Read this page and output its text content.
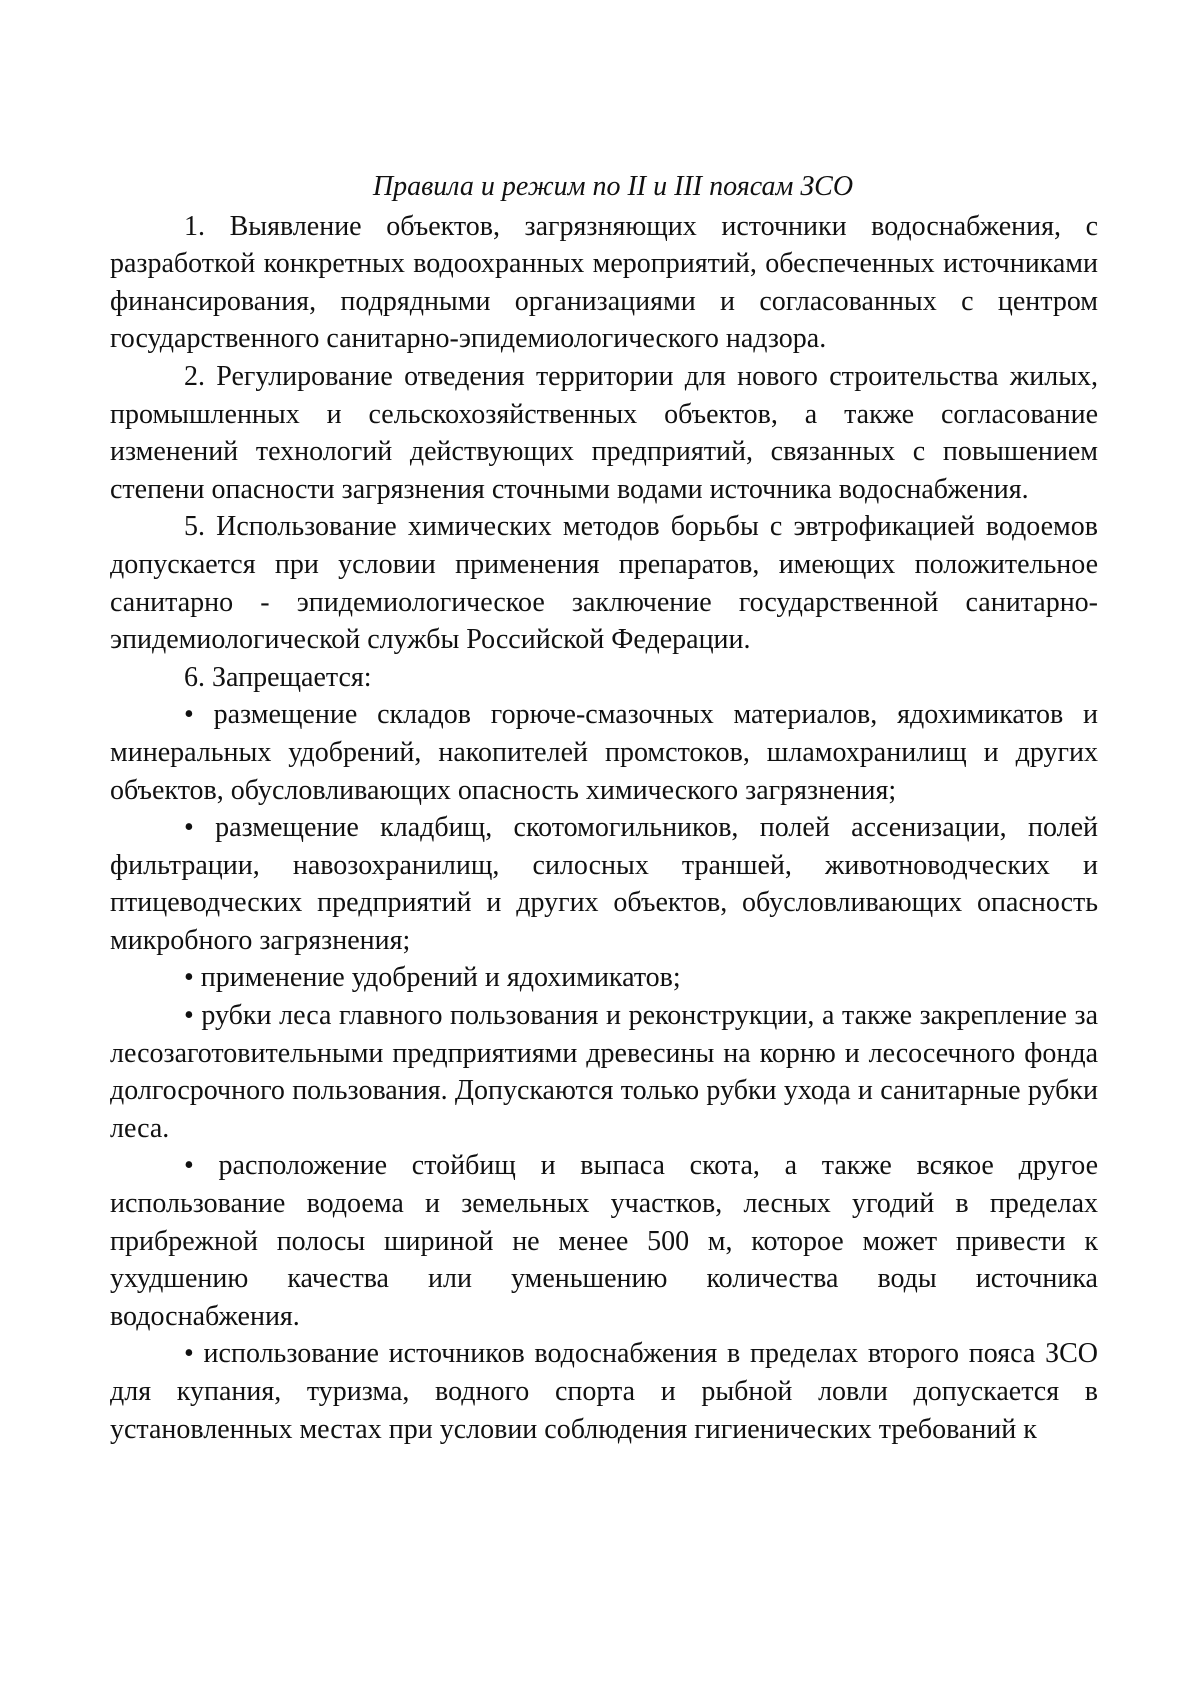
Правила и режим по II и III поясам ЗСО

1. Выявление объектов, загрязняющих источники водоснабжения, с разработкой конкретных водоохранных мероприятий, обеспеченных источниками финансирования, подрядными организациями и согласованных с центром государственного санитарно-эпидемиологического надзора.

2. Регулирование отведения территории для нового строительства жилых, промышленных и сельскохозяйственных объектов, а также согласование изменений технологий действующих предприятий, связанных с повышением степени опасности загрязнения сточными водами источника водоснабжения.

5. Использование химических методов борьбы с эвтрофикацией водоемов допускается при условии применения препаратов, имеющих положительное санитарно - эпидемиологическое заключение государственной санитарно-эпидемиологической службы Российской Федерации.

6. Запрещается:

• размещение складов горюче-смазочных материалов, ядохимикатов и минеральных удобрений, накопителей промстоков, шламохранилищ и других объектов, обусловливающих опасность химического загрязнения;

• размещение кладбищ, скотомогильников, полей ассенизации, полей фильтрации, навозохранилищ, силосных траншей, животноводческих и птицеводческих предприятий и других объектов, обусловливающих опасность микробного загрязнения;

• применение удобрений и ядохимикатов;

• рубки леса главного пользования и реконструкции, а также закрепление за лесозаготовительными предприятиями древесины на корню и лесосечного фонда долгосрочного пользования. Допускаются только рубки ухода и санитарные рубки леса.

• расположение стойбищ и выпаса скота, а также всякое другое использование водоема и земельных участков, лесных угодий в пределах прибрежной полосы шириной не менее 500 м, которое может привести к ухудшению качества или уменьшению количества воды источника водоснабжения.

• использование источников водоснабжения в пределах второго пояса ЗСО для купания, туризма, водного спорта и рыбной ловли допускается в установленных местах при условии соблюдения гигиенических требований к
